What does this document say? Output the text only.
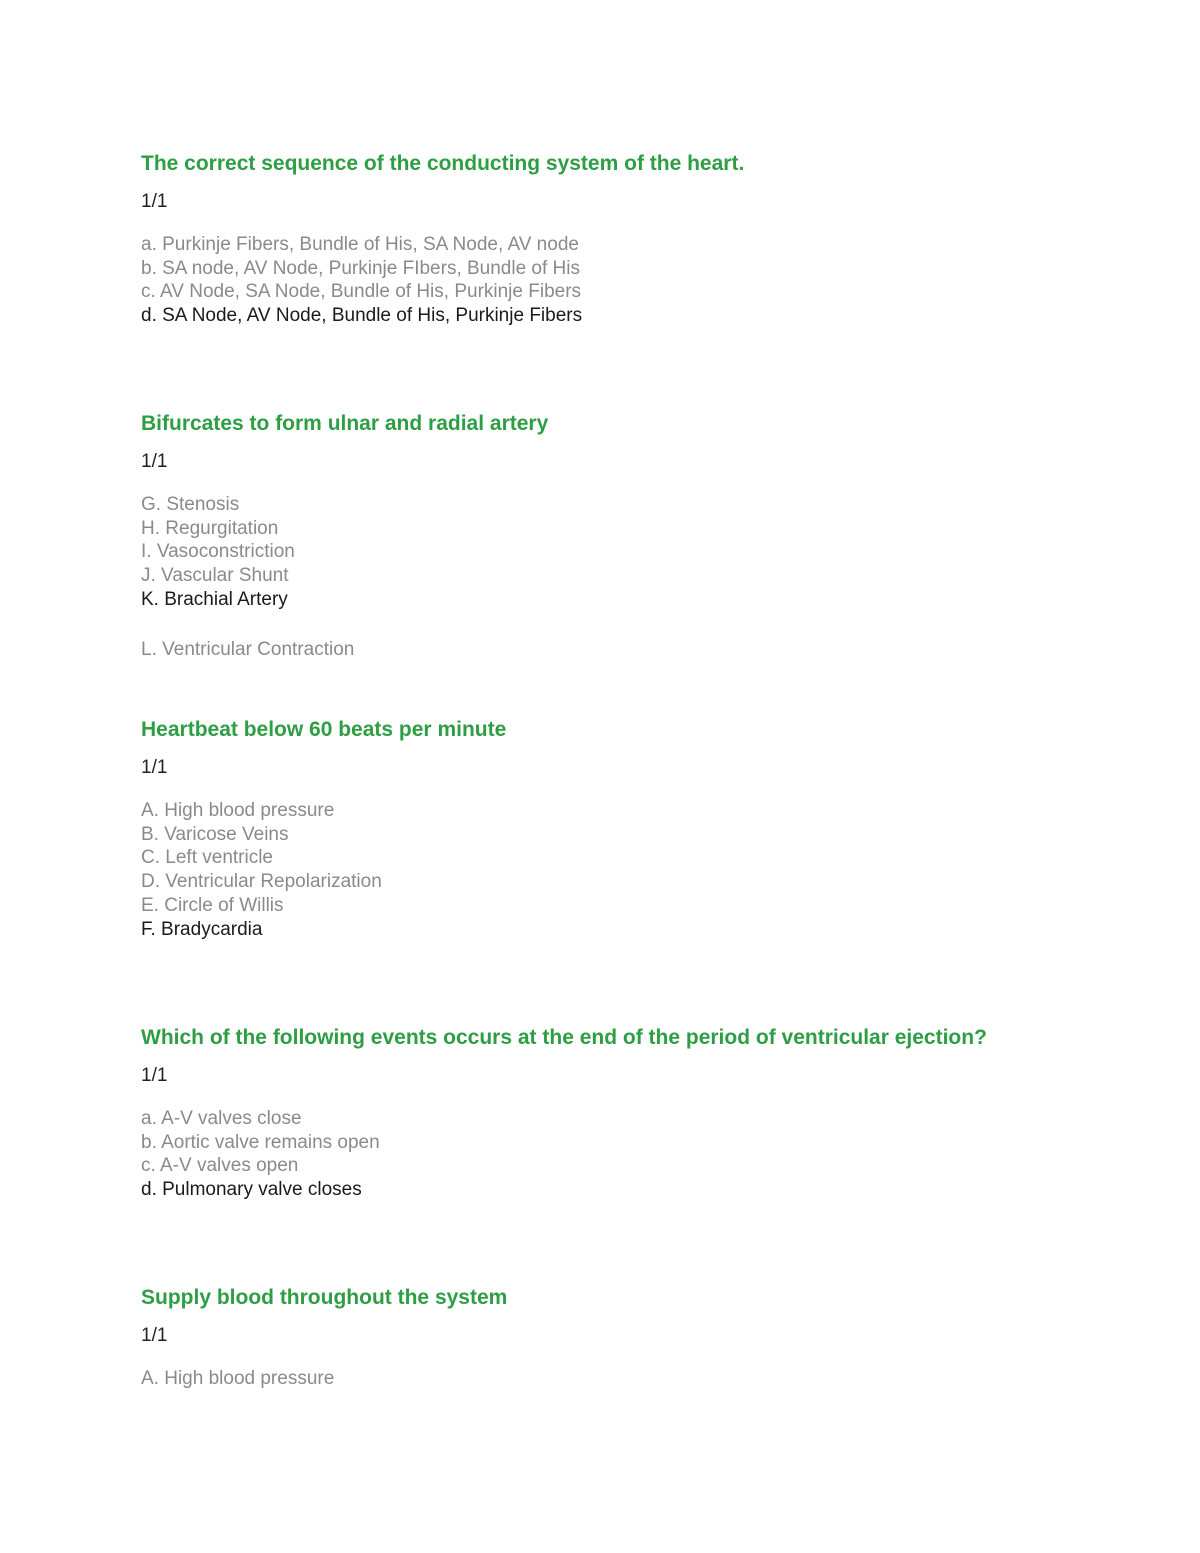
The correct sequence of the conducting system of the heart.
1/1
a. Purkinje Fibers, Bundle of His, SA Node, AV node
b. SA node, AV Node, Purkinje FIbers, Bundle of His
c. AV Node, SA Node, Bundle of His, Purkinje Fibers
d. SA Node, AV Node, Bundle of His, Purkinje Fibers
Bifurcates to form ulnar and radial artery
1/1
G. Stenosis
H. Regurgitation
I. Vasoconstriction
J. Vascular Shunt
K. Brachial Artery
L. Ventricular Contraction
Heartbeat below 60 beats per minute
1/1
A. High blood pressure
B. Varicose Veins
C. Left ventricle
D. Ventricular Repolarization
E. Circle of Willis
F. Bradycardia
Which of the following events occurs at the end of the period of ventricular ejection?
1/1
a. A-V valves close
b. Aortic valve remains open
c. A-V valves open
d. Pulmonary valve closes
Supply blood throughout the system
1/1
A. High blood pressure
